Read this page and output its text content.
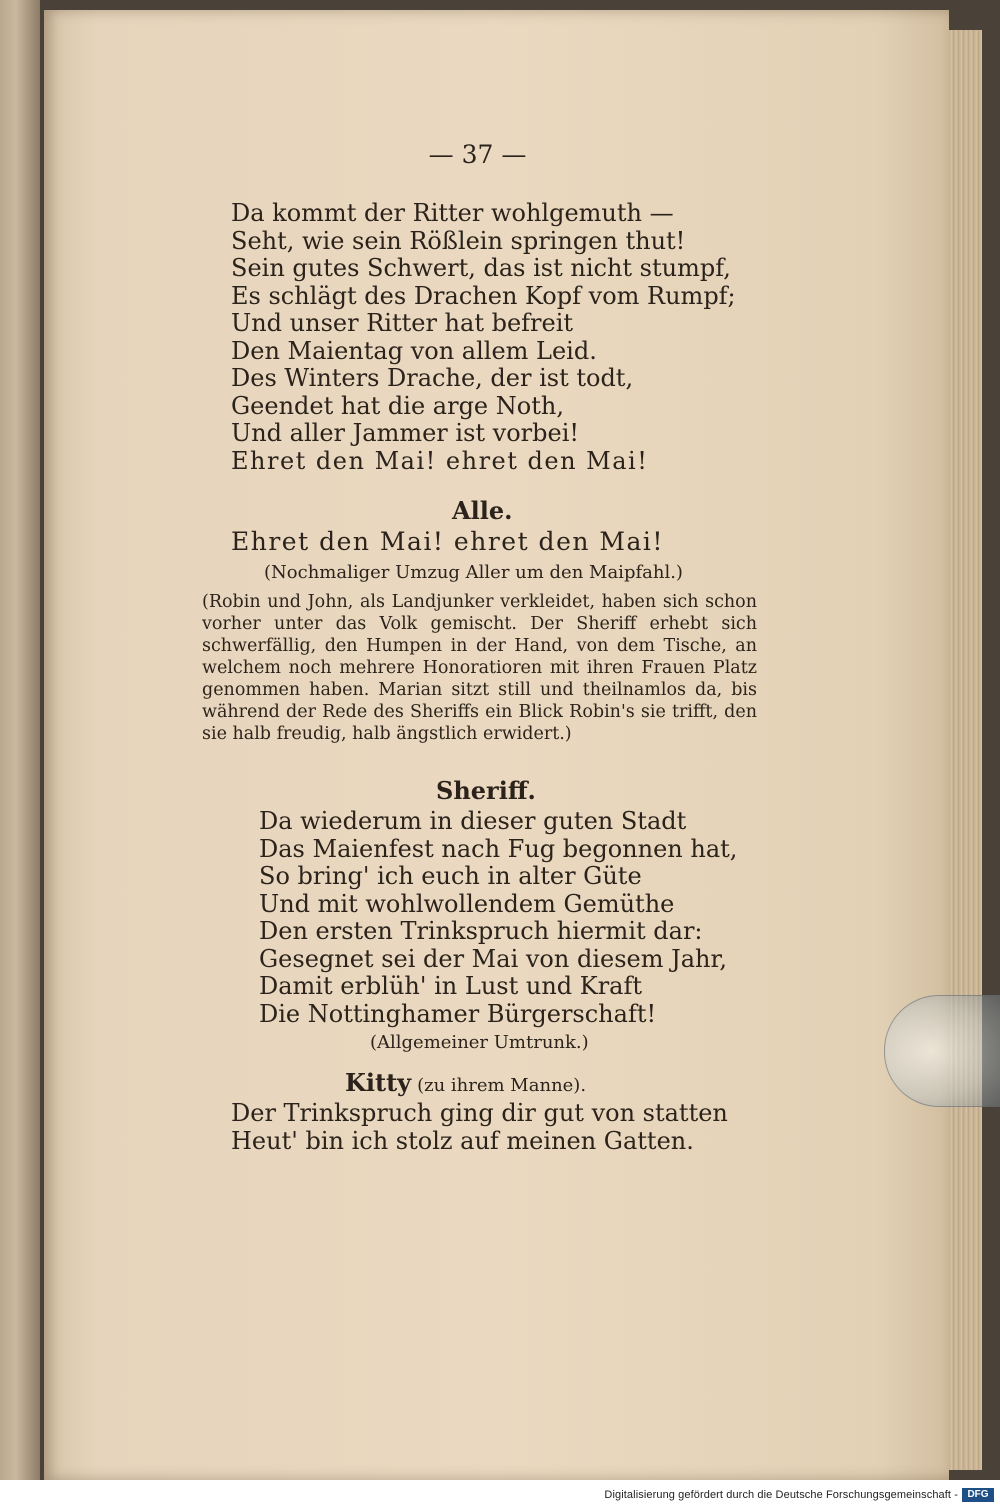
— 37 —
Da kommt der Ritter wohlgemuth —
Seht, wie sein Rößlein springen thut!
Sein gutes Schwert, das ist nicht stumpf,
Es schlägt des Drachen Kopf vom Rumpf;
Und unser Ritter hat befreit
Den Maientag von allem Leid.
Des Winters Drache, der ist todt,
Geendet hat die arge Noth,
Und aller Jammer ist vorbei!
Ehret den Mai! ehret den Mai!
Alle.
Ehret den Mai! ehret den Mai!
(Nochmaliger Umzug Aller um den Maipfahl.)
(Robin und John, als Landjunker verkleidet, haben sich schon vorher unter das Volk gemischt. Der Sheriff erhebt sich schwerfällig, den Humpen in der Hand, von dem Tische, an welchem noch mehrere Honoratioren mit ihren Frauen Platz genommen haben. Marian sitzt still und theilnamlos da, bis während der Rede des Sheriffs ein Blick Robin's sie trifft, den sie halb freudig, halb ängstlich erwidert.)
Sheriff.
Da wiederum in dieser guten Stadt
Das Maienfest nach Fug begonnen hat,
So bring' ich euch in alter Güte
Und mit wohlwollendem Gemüthe
Den ersten Trinkspruch hiermit dar:
Gesegnet sei der Mai von diesem Jahr,
Damit erblüh' in Lust und Kraft
Die Nottinghamer Bürgerschaft!
(Allgemeiner Umtrunk.)
Kitty (zu ihrem Manne).
Der Trinkspruch ging dir gut von statten
Heut' bin ich stolz auf meinen Gatten.
Digitalisierung gefördert durch die Deutsche Forschungsgemeinschaft - DFG
